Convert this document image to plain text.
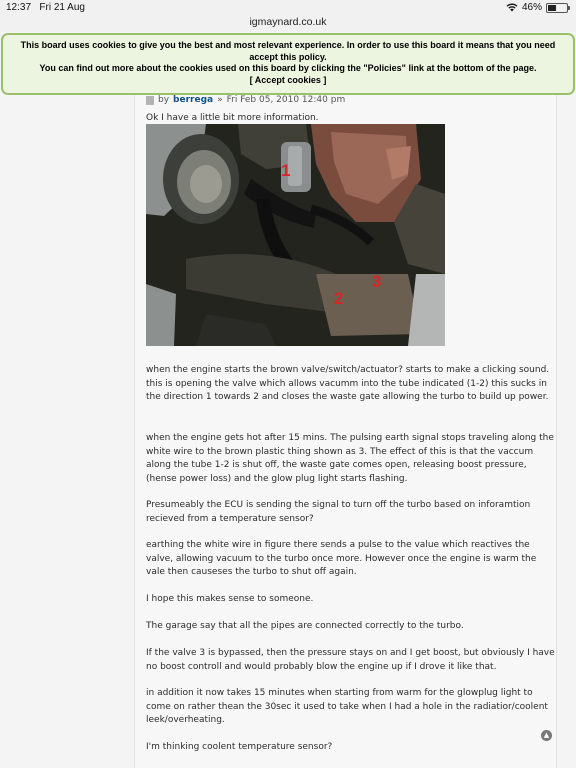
12:37 Fri 21 Aug	46%
igmaynard.co.uk
by berrega » Fri Feb 05, 2010 12:40 pm

Ok I have a little bit more information.

1
2
3

when the engine starts the brown valve/switch/actuator? starts to make a clicking sound. this is opening the valve which allows vacumm into the tube indicated (1-2) this sucks in the direction 1 towards 2 and closes the waste gate allowing the turbo to build up power.

when the engine gets hot after 15 mins. The pulsing earth signal stops traveling along the white wire to the brown plastic thing shown as 3. The effect of this is that the vaccum along the tube 1-2 is shut off, the waste gate comes open, releasing boost pressure, (hense power loss) and the glow plug light starts flashing.

Presumeably the ECU is sending the signal to turn off the turbo based on inforamtion recieved from a temperature sensor?

earthing the white wire in figure there sends a pulse to the value which reactives the valve, allowing vacuum to the turbo once more. However once the engine is warm the vale then causeses the turbo to shut off again.

I hope this makes sense to someone.

The garage say that all the pipes are connected correctly to the turbo.

If the valve 3 is bypassed, then the pressure stays on and I get boost, but obviously I have no boost controll and would probably blow the engine up if I drove it like that.

in addition it now takes 15 minutes when starting from warm for the glowplug light to come on rather thean the 30sec it used to take when I had a hole in the radiatior/coolent leek/overheating.

I'm thinking coolent temperature sensor?

▲
This board uses cookies to give you the best and most relevant experience. In order to use this board it means that you need accept this policy.
You can find out more about the cookies used on this board by clicking the "Policies" link at the bottom of the page.
[ Accept cookies ]
